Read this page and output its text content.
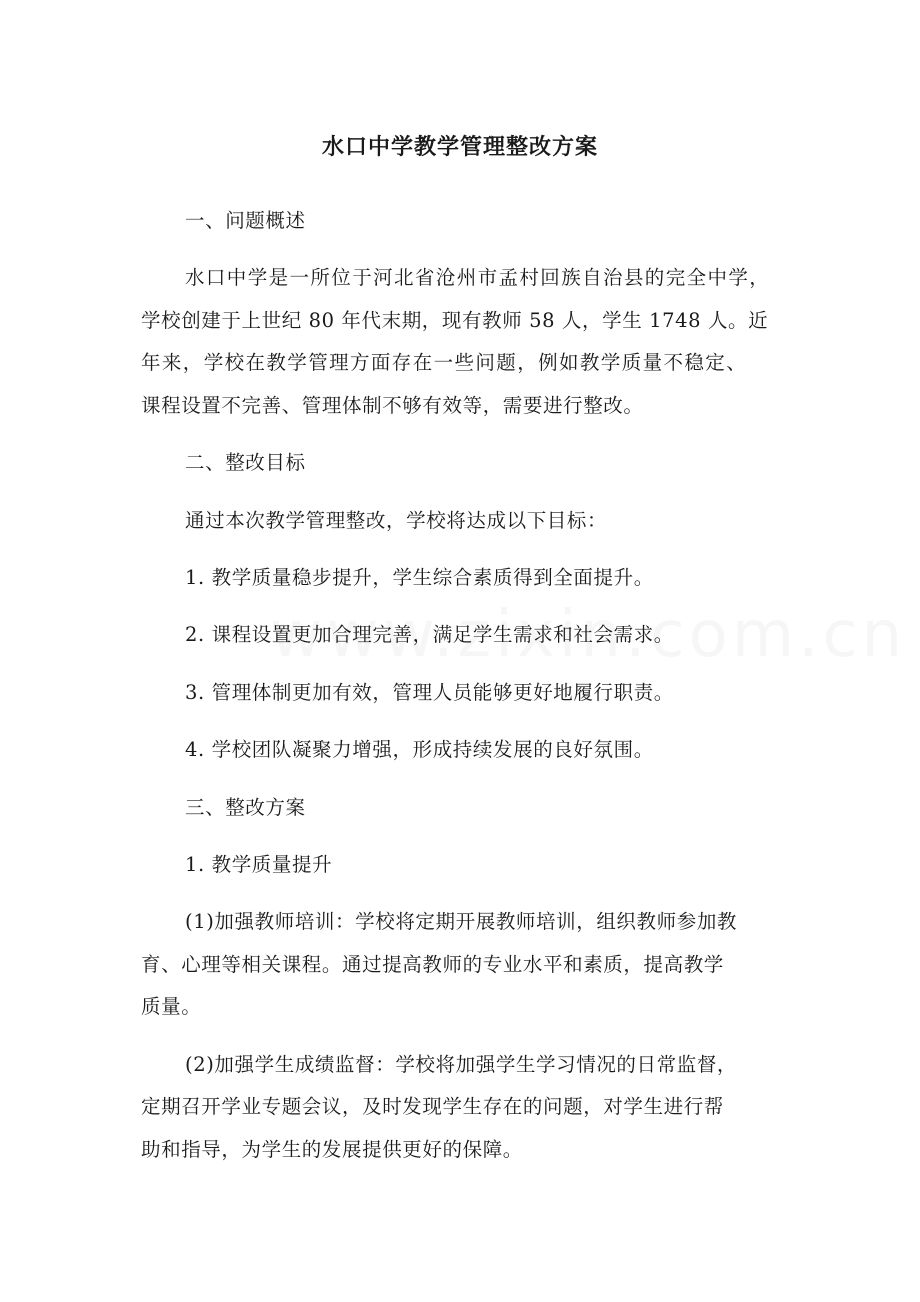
水口中学教学管理整改方案
一、问题概述
水口中学是一所位于河北省沧州市孟村回族自治县的完全中学，
学校创建于上世纪 80 年代末期，现有教师 58 人，学生 1748 人。近
年来，学校在教学管理方面存在一些问题，例如教学质量不稳定、
课程设置不完善、管理体制不够有效等，需要进行整改。
二、整改目标
通过本次教学管理整改，学校将达成以下目标：
1. 教学质量稳步提升，学生综合素质得到全面提升。
2. 课程设置更加合理完善，满足学生需求和社会需求。
3. 管理体制更加有效，管理人员能够更好地履行职责。
4. 学校团队凝聚力增强，形成持续发展的良好氛围。
三、整改方案
1. 教学质量提升
(1)加强教师培训：学校将定期开展教师培训，组织教师参加教
育、心理等相关课程。通过提高教师的专业水平和素质，提高教学
质量。
(2)加强学生成绩监督：学校将加强学生学习情况的日常监督，
定期召开学业专题会议，及时发现学生存在的问题，对学生进行帮
助和指导，为学生的发展提供更好的保障。
